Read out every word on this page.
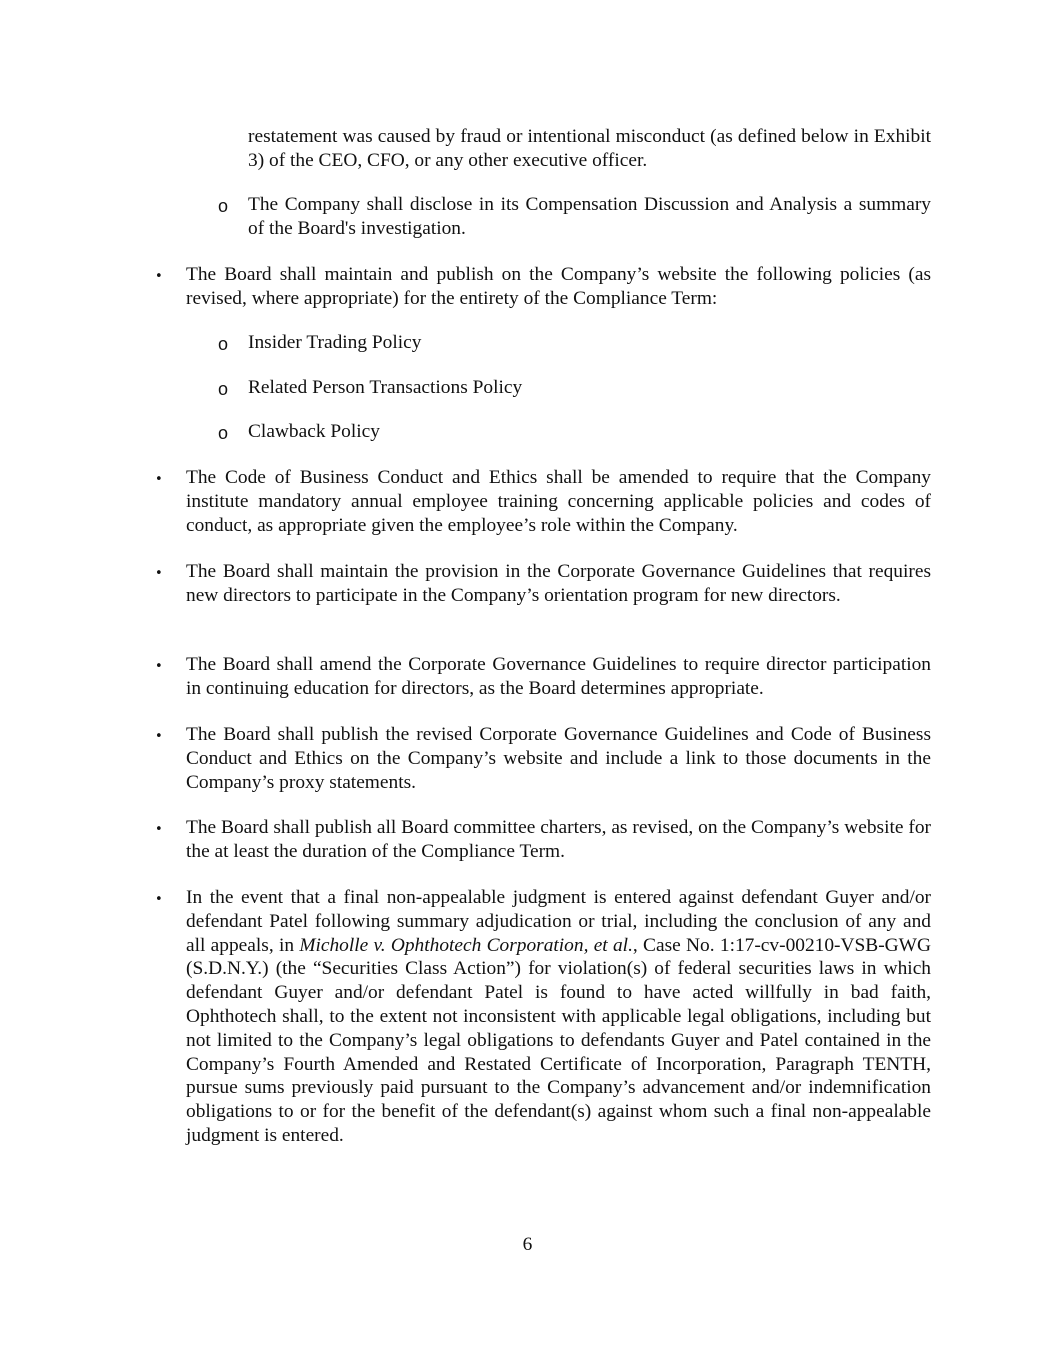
restatement was caused by fraud or intentional misconduct (as defined below in Exhibit 3) of the CEO, CFO, or any other executive officer.

o The Company shall disclose in its Compensation Discussion and Analysis a summary of the Board's investigation.

• The Board shall maintain and publish on the Company’s website the following policies (as revised, where appropriate) for the entirety of the Compliance Term:

o Insider Trading Policy

o Related Person Transactions Policy

o Clawback Policy

• The Code of Business Conduct and Ethics shall be amended to require that the Company institute mandatory annual employee training concerning applicable policies and codes of conduct, as appropriate given the employee’s role within the Company.

• The Board shall maintain the provision in the Corporate Governance Guidelines that requires new directors to participate in the Company’s orientation program for new directors.

• The Board shall amend the Corporate Governance Guidelines to require director participation in continuing education for directors, as the Board determines appropriate.

• The Board shall publish the revised Corporate Governance Guidelines and Code of Business Conduct and Ethics on the Company’s website and include a link to those documents in the Company’s proxy statements.

• The Board shall publish all Board committee charters, as revised, on the Company’s website for the at least the duration of the Compliance Term.

• In the event that a final non-appealable judgment is entered against defendant Guyer and/or defendant Patel following summary adjudication or trial, including the conclusion of any and all appeals, in Micholle v. Ophthotech Corporation, et al., Case No. 1:17-cv-00210-VSB-GWG (S.D.N.Y.) (the “Securities Class Action”) for violation(s) of federal securities laws in which defendant Guyer and/or defendant Patel is found to have acted willfully in bad faith, Ophthotech shall, to the extent not inconsistent with applicable legal obligations, including but not limited to the Company’s legal obligations to defendants Guyer and Patel contained in the Company’s Fourth Amended and Restated Certificate of Incorporation, Paragraph TENTH, pursue sums previously paid pursuant to the Company’s advancement and/or indemnification obligations to or for the benefit of the defendant(s) against whom such a final non-appealable judgment is entered.

6
